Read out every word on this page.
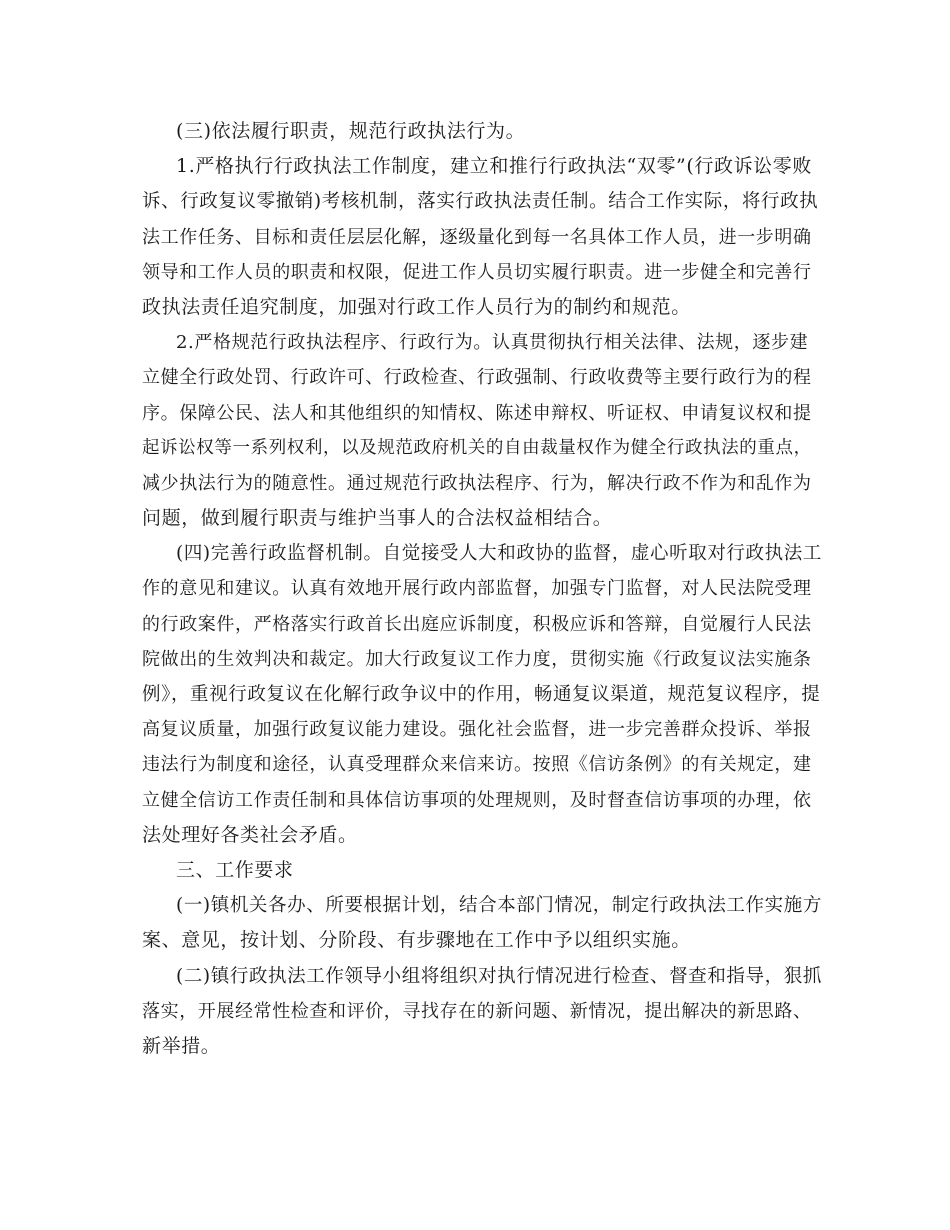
(三)依法履行职责，规范行政执法行为。
1.严格执行行政执法工作制度，建立和推行行政执法“双零”(行政诉讼零败
诉、行政复议零撤销)考核机制，落实行政执法责任制。结合工作实际，将行政执
法工作任务、目标和责任层层化解，逐级量化到每一名具体工作人员，进一步明确
领导和工作人员的职责和权限，促进工作人员切实履行职责。进一步健全和完善行
政执法责任追究制度，加强对行政工作人员行为的制约和规范。
2.严格规范行政执法程序、行政行为。认真贯彻执行相关法律、法规，逐步建
立健全行政处罚、行政许可、行政检查、行政强制、行政收费等主要行政行为的程
序。保障公民、法人和其他组织的知情权、陈述申辩权、听证权、申请复议权和提
起诉讼权等一系列权利，以及规范政府机关的自由裁量权作为健全行政执法的重点，
减少执法行为的随意性。通过规范行政执法程序、行为，解决行政不作为和乱作为
问题，做到履行职责与维护当事人的合法权益相结合。
(四)完善行政监督机制。自觉接受人大和政协的监督，虚心听取对行政执法工
作的意见和建议。认真有效地开展行政内部监督，加强专门监督，对人民法院受理
的行政案件，严格落实行政首长出庭应诉制度，积极应诉和答辩，自觉履行人民法
院做出的生效判决和裁定。加大行政复议工作力度，贯彻实施《行政复议法实施条
例》，重视行政复议在化解行政争议中的作用，畅通复议渠道，规范复议程序，提
高复议质量，加强行政复议能力建设。强化社会监督，进一步完善群众投诉、举报
违法行为制度和途径，认真受理群众来信来访。按照《信访条例》的有关规定，建
立健全信访工作责任制和具体信访事项的处理规则，及时督查信访事项的办理，依
法处理好各类社会矛盾。
三、工作要求
(一)镇机关各办、所要根据计划，结合本部门情况，制定行政执法工作实施方
案、意见，按计划、分阶段、有步骤地在工作中予以组织实施。
(二)镇行政执法工作领导小组将组织对执行情况进行检查、督查和指导，狠抓
落实，开展经常性检查和评价，寻找存在的新问题、新情况，提出解决的新思路、
新举措。
